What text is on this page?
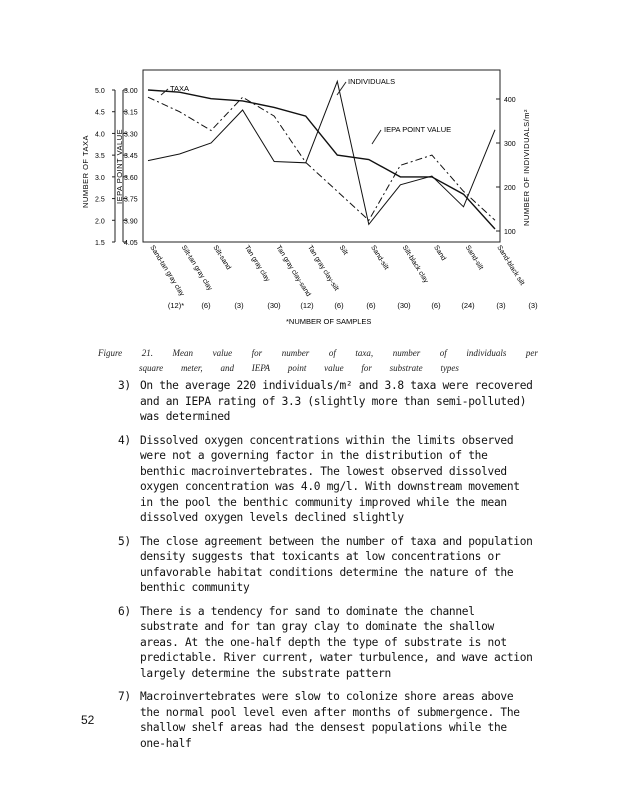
5.0
4.5
4.0
3.5
3.0
2.5
2.0
1.5
3.00
3.15
3.30
3.45
3.60
3.75
3.90
4.05
400
300
200
100
NUMBER OF TAXA	IEPA POINT VALUE	NUMBER OF INDIVIDUALS/m²
TAXA
INDIVIDUALS
IEPA POINT VALUE
Sand-tan gray clay
Silt-tan gray clay
Silt-sand Tan gray clay Tan gray clay-sand
Tan gray clay-silt
Silt	Sand-silt Silt-black clay Sand Sand-silt Sand-black silt
(12)* (6)	(3)	(30)	(12)	(6)	(6)	(30)	(6)	(24)	(3)	(3)
*NUMBER OF SAMPLES
Figure 21. Mean value for number of taxa, number of individuals per
square meter, and IEPA point value for substrate types
3) On the average 220 individuals/m² and 3.8 taxa were recovered and an IEPA rating of 3.3 (slightly more than semi-polluted) was determined
4) Dissolved oxygen concentrations within the limits observed were not a governing factor in the distribution of the benthic macroinvertebrates. The lowest observed dissolved oxygen concentration was 4.0 mg/l. With downstream movement in the pool the benthic community improved while the mean dissolved oxygen levels declined slightly
5) The close agreement between the number of taxa and population density suggests that toxicants at low concentrations or unfavorable habitat conditions determine the nature of the benthic community
6) There is a tendency for sand to dominate the channel substrate and for tan gray clay to dominate the shallow areas. At the one-half depth the type of substrate is not predictable. River current, water turbulence, and wave action largely determine the substrate pattern
7) Macroinvertebrates were slow to colonize shore areas above the normal pool level even after months of submergence. The shallow shelf areas had the densest populations while the one-half
52
